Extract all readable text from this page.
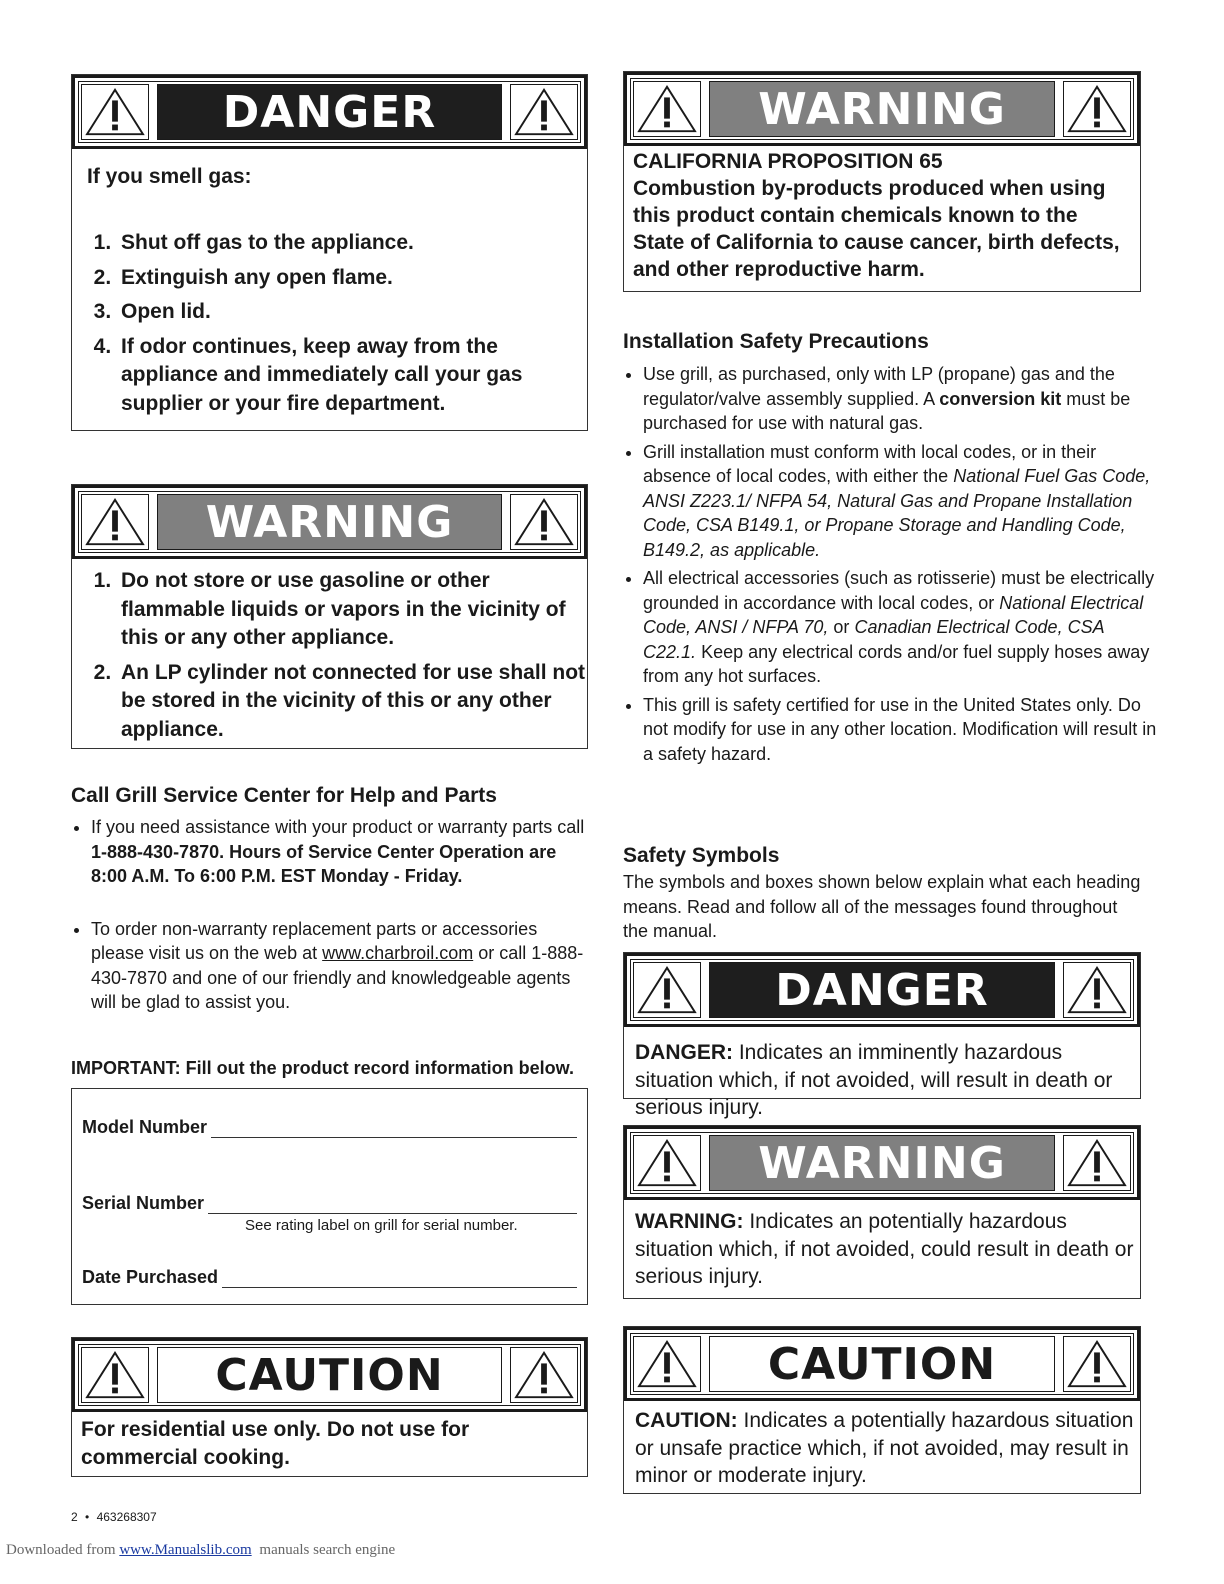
DANGER
If you smell gas:
1. Shut off gas to the appliance.
2. Extinguish any open flame.
3. Open lid.
4. If odor continues, keep away from the appliance and immediately call your gas supplier or your fire department.
WARNING
1. Do not store or use gasoline or other flammable liquids or vapors in the vicinity of this or any other appliance.
2. An LP cylinder not connected for use shall not be stored in the vicinity of this or any other appliance.
Call Grill Service Center for Help and Parts
• If you need assistance with your product or warranty parts call 1-888-430-7870. Hours of Service Center Operation are 8:00 A.M. To 6:00 P.M. EST Monday - Friday.
• To order non-warranty replacement parts or accessories please visit us on the web at www.charbroil.com or call 1-888-430-7870 and one of our friendly and knowledgeable agents will be glad to assist you.
IMPORTANT: Fill out the product record information below.
Model Number
Serial Number
See rating label on grill for serial number.
Date Purchased
CAUTION
For residential use only. Do not use for commercial cooking.
WARNING
CALIFORNIA PROPOSITION 65
Combustion by-products produced when using this product contain chemicals known to the State of California to cause cancer, birth defects, and other reproductive harm.
Installation Safety Precautions
• Use grill, as purchased, only with LP (propane) gas and the regulator/valve assembly supplied. A conversion kit must be purchased for use with natural gas.
• Grill installation must conform with local codes, or in their absence of local codes, with either the National Fuel Gas Code, ANSI Z223.1/ NFPA 54, Natural Gas and Propane Installation Code, CSA B149.1, or Propane Storage and Handling Code, B149.2, as applicable.
• All electrical accessories (such as rotisserie) must be electrically grounded in accordance with local codes, or National Electrical Code, ANSI / NFPA 70, or Canadian Electrical Code, CSA C22.1. Keep any electrical cords and/or fuel supply hoses away from any hot surfaces.
• This grill is safety certified for use in the United States only. Do not modify for use in any other location. Modification will result in a safety hazard.
Safety Symbols
The symbols and boxes shown below explain what each heading means. Read and follow all of the messages found throughout the manual.
DANGER
DANGER: Indicates an imminently hazardous situation which, if not avoided, will result in death or serious injury.
WARNING
WARNING: Indicates an potentially hazardous situation which, if not avoided, could result in death or serious injury.
CAUTION
CAUTION: Indicates a potentially hazardous situation or unsafe practice which, if not avoided, may result in minor or moderate injury.
2 • 463268307
Downloaded from www.Manualslib.com manuals search engine
